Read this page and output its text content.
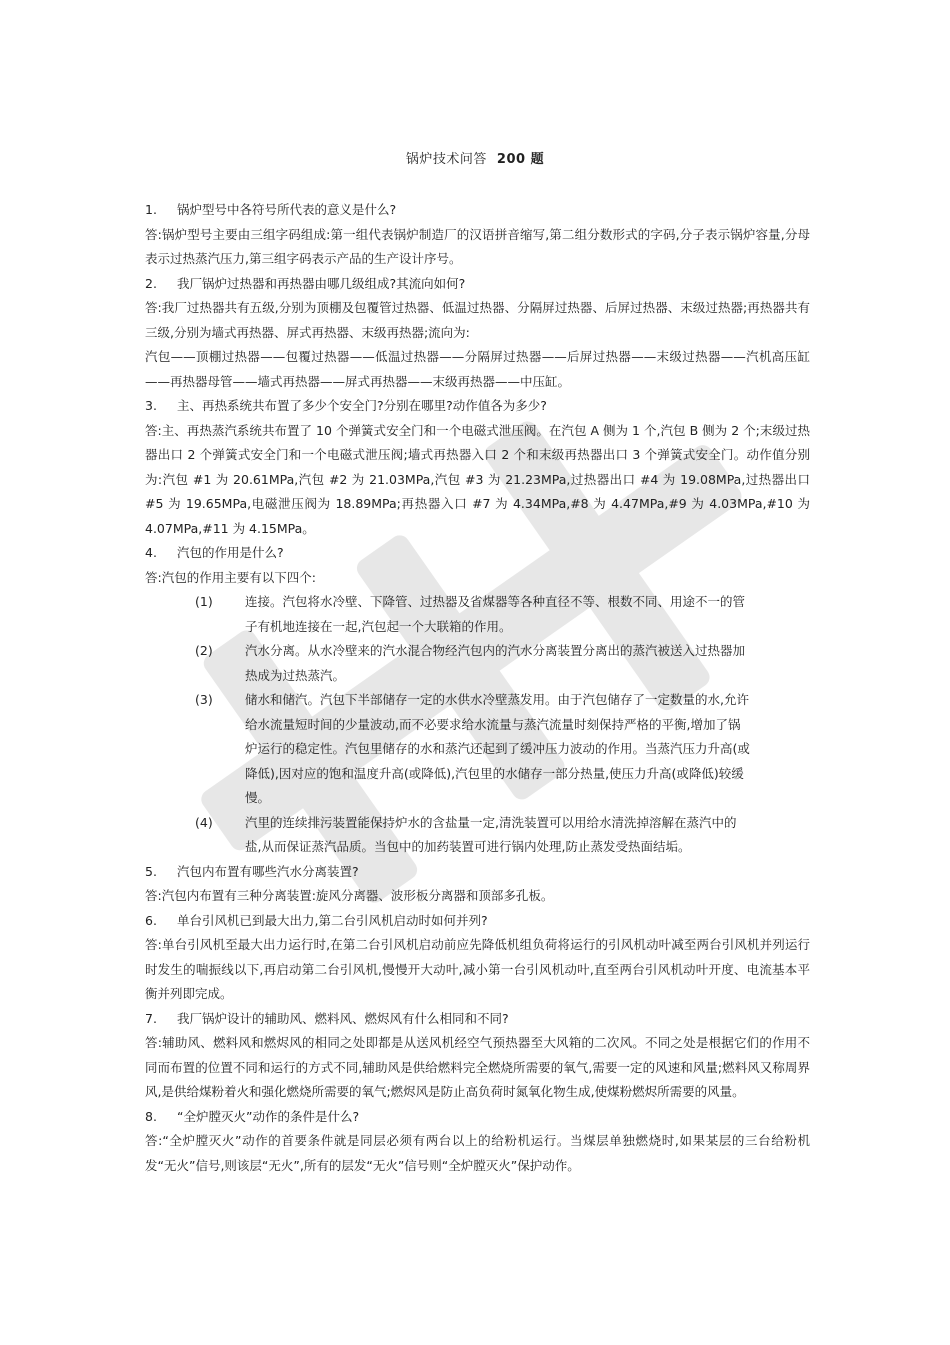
锅炉技术问答 200 题

1. 锅炉型号中各符号所代表的意义是什么?

答:锅炉型号主要由三组字码组成:第一组代表锅炉制造厂的汉语拼音缩写,第二组分数形式的字码,分子表示锅炉容量,分母表示过热蒸汽压力,第三组字码表示产品的生产设计序号。

2. 我厂锅炉过热器和再热器由哪几级组成?其流向如何?

答:我厂过热器共有五级,分别为顶棚及包覆管过热器、低温过热器、分隔屏过热器、后屏过热器、末级过热器;再热器共有三级,分别为墙式再热器、屏式再热器、末级再热器;流向为:

汽包——顶棚过热器——包覆过热器——低温过热器——分隔屏过热器——后屏过热器——末级过热器——汽机高压缸——再热器母管——墙式再热器——屏式再热器——末级再热器——中压缸。

3. 主、再热系统共布置了多少个安全门?分别在哪里?动作值各为多少?

答:主、再热蒸汽系统共布置了 10 个弹簧式安全门和一个电磁式泄压阀。在汽包 A 侧为 1 个,汽包 B 侧为 2 个;末级过热器出口 2 个弹簧式安全门和一个电磁式泄压阀;墙式再热器入口 2 个和末级再热器出口 3 个弹簧式安全门。动作值分别为:汽包 #1 为 20.61MPa,汽包 #2 为 21.03MPa,汽包 #3 为 21.23MPa,过热器出口 #4 为 19.08MPa,过热器出口 #5 为 19.65MPa,电磁泄压阀为 18.89MPa;再热器入口 #7 为 4.34MPa,#8 为 4.47MPa,#9 为 4.03MPa,#10 为 4.07MPa,#11 为 4.15MPa。

4. 汽包的作用是什么?

答:汽包的作用主要有以下四个:

(1)	连接。汽包将水冷壁、下降管、过热器及省煤器等各种直径不等、根数不同、用途不一的管子有机地连接在一起,汽包起一个大联箱的作用。
(2)	汽水分离。从水冷壁来的汽水混合物经汽包内的汽水分离装置分离出的蒸汽被送入过热器加热成为过热蒸汽。
(3)	储水和储汽。汽包下半部储存一定的水供水冷壁蒸发用。由于汽包储存了一定数量的水,允许给水流量短时间的少量波动,而不必要求给水流量与蒸汽流量时刻保持严格的平衡,增加了锅炉运行的稳定性。汽包里储存的水和蒸汽还起到了缓冲压力波动的作用。当蒸汽压力升高(或降低),因对应的饱和温度升高(或降低),汽包里的水储存一部分热量,使压力升高(或降低)较缓慢。
(4)	汽里的连续排污装置能保持炉水的含盐量一定,清洗装置可以用给水清洗掉溶解在蒸汽中的盐,从而保证蒸汽品质。当包中的加药装置可进行锅内处理,防止蒸发受热面结垢。

5. 汽包内布置有哪些汽水分离装置?

答:汽包内布置有三种分离装置:旋风分离器、波形板分离器和顶部多孔板。

6. 单台引风机已到最大出力,第二台引风机启动时如何并列?

答:单台引风机至最大出力运行时,在第二台引风机启动前应先降低机组负荷将运行的引风机动叶减至两台引风机并列运行时发生的喘振线以下,再启动第二台引风机,慢慢开大动叶,减小第一台引风机动叶,直至两台引风机动叶开度、电流基本平衡并列即完成。

7. 我厂锅炉设计的辅助风、燃料风、燃烬风有什么相同和不同?

答:辅助风、燃料风和燃烬风的相同之处即都是从送风机经空气预热器至大风箱的二次风。不同之处是根据它们的作用不同而布置的位置不同和运行的方式不同,辅助风是供给燃料完全燃烧所需要的氧气,需要一定的风速和风量;燃料风又称周界风,是供给煤粉着火和强化燃烧所需要的氧气;燃烬风是防止高负荷时氮氧化物生成,使煤粉燃烬所需要的风量。

8. “全炉膛灭火”动作的条件是什么?

答:“全炉膛灭火”动作的首要条件就是同层必须有两台以上的给粉机运行。当煤层单独燃烧时,如果某层的三台给粉机发“无火”信号,则该层“无火”,所有的层发“无火”信号则“全炉膛灭火”保护动作。
